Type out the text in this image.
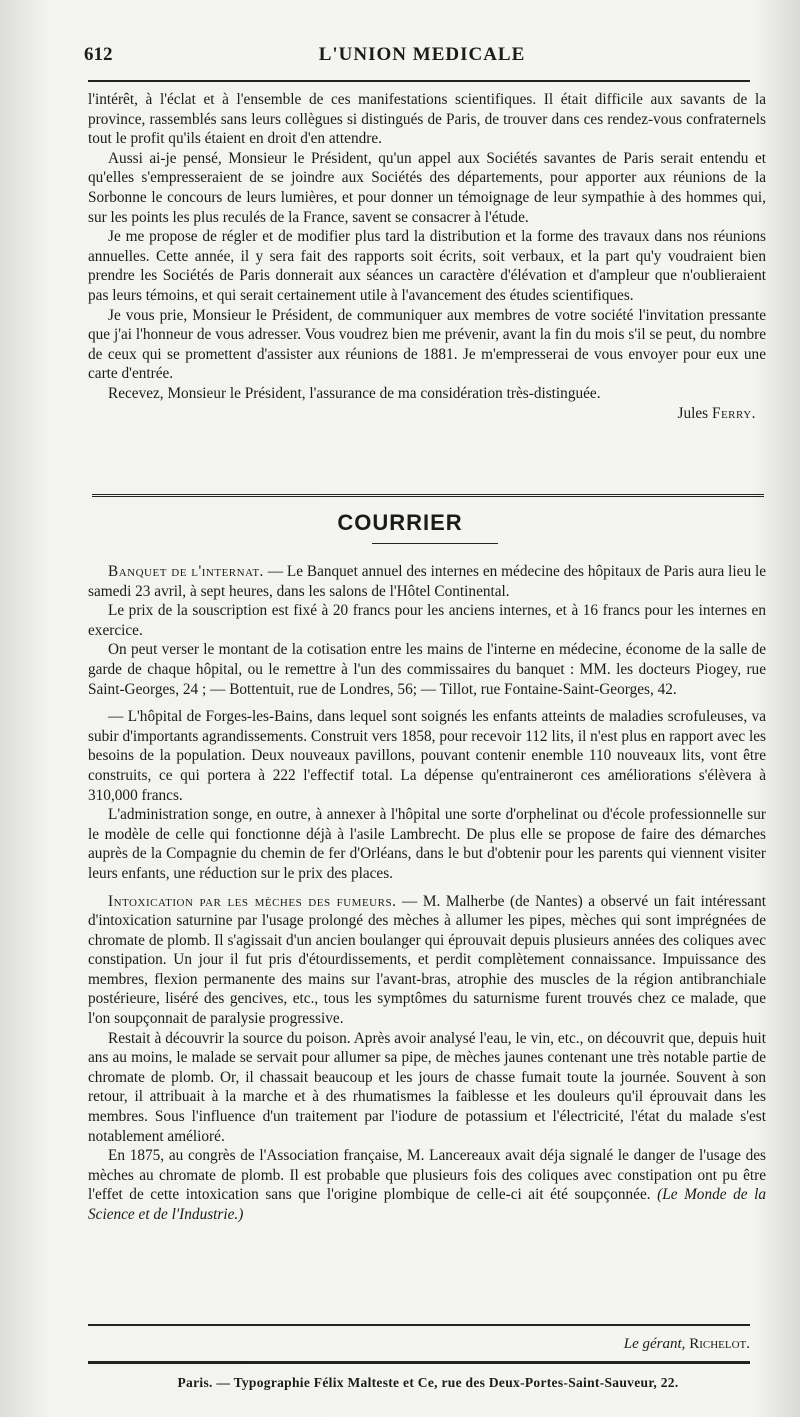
612	L'UNION MEDICALE

l'intérêt, à l'éclat et à l'ensemble de ces manifestations scientifiques. Il était difficile aux savants de la province, rassemblés sans leurs collègues si distingués de Paris, de trouver dans ces rendez-vous confraternels tout le profit qu'ils étaient en droit d'en attendre.

Aussi ai-je pensé, Monsieur le Président, qu'un appel aux Sociétés savantes de Paris serait entendu et qu'elles s'empresseraient de se joindre aux Sociétés des départements, pour apporter aux réunions de la Sorbonne le concours de leurs lumières, et pour donner un témoignage de leur sympathie à des hommes qui, sur les points les plus reculés de la France, savent se consacrer à l'étude.

Je me propose de régler et de modifier plus tard la distribution et la forme des travaux dans nos réunions annuelles. Cette année, il y sera fait des rapports soit écrits, soit verbaux, et la part qu'y voudraient bien prendre les Sociétés de Paris donnerait aux séances un caractère d'élévation et d'ampleur que n'oublieraient pas leurs témoins, et qui serait certainement utile à l'avancement des études scientifiques.

Je vous prie, Monsieur le Président, de communiquer aux membres de votre société l'invitation pressante que j'ai l'honneur de vous adresser. Vous voudrez bien me prévenir, avant la fin du mois s'il se peut, du nombre de ceux qui se promettent d'assister aux réunions de 1881. Je m'empresserai de vous envoyer pour eux une carte d'entrée.

Recevez, Monsieur le Président, l'assurance de ma considération très-distinguée.

Jules Ferry.
COURRIER

Banquet de l'internat. — Le Banquet annuel des internes en médecine des hôpitaux de Paris aura lieu le samedi 23 avril, à sept heures, dans les salons de l'Hôtel Continental.

Le prix de la souscription est fixé à 20 francs pour les anciens internes, et à 16 francs pour les internes en exercice.

On peut verser le montant de la cotisation entre les mains de l'interne en médecine, économe de la salle de garde de chaque hôpital, ou le remettre à l'un des commissaires du banquet : MM. les docteurs Piogey, rue Saint-Georges, 24 ; — Bottentuit, rue de Londres, 56; — Tillot, rue Fontaine-Saint-Georges, 42.

— L'hôpital de Forges-les-Bains, dans lequel sont soignés les enfants atteints de maladies scrofuleuses, va subir d'importants agrandissements. Construit vers 1858, pour recevoir 112 lits, il n'est plus en rapport avec les besoins de la population. Deux nouveaux pavillons, pouvant contenir enemble 110 nouveaux lits, vont être construits, ce qui portera à 222 l'effectif total. La dépense qu'entraineront ces améliorations s'élèvera à 310,000 francs.

L'administration songe, en outre, à annexer à l'hôpital une sorte d'orphelinat ou d'école professionnelle sur le modèle de celle qui fonctionne déjà à l'asile Lambrecht. De plus elle se propose de faire des démarches auprès de la Compagnie du chemin de fer d'Orléans, dans le but d'obtenir pour les parents qui viennent visiter leurs enfants, une réduction sur le prix des places.

Intoxication par les mèches des fumeurs. — M. Malherbe (de Nantes) a observé un fait intéressant d'intoxication saturnine par l'usage prolongé des mèches à allumer les pipes, mèches qui sont imprégnées de chromate de plomb. Il s'agissait d'un ancien boulanger qui éprouvait depuis plusieurs années des coliques avec constipation. Un jour il fut pris d'étourdissements, et perdit complètement connaissance. Impuissance des membres, flexion permanente des mains sur l'avant-bras, atrophie des muscles de la région antibranchiale postérieure, liséré des gencives, etc., tous les symptômes du saturnisme furent trouvés chez ce malade, que l'on soupçonnait de paralysie progressive.

Restait à découvrir la source du poison. Après avoir analysé l'eau, le vin, etc., on découvrit que, depuis huit ans au moins, le malade se servait pour allumer sa pipe, de mèches jaunes contenant une très notable partie de chromate de plomb. Or, il chassait beaucoup et les jours de chasse fumait toute la journée. Souvent à son retour, il attribuait à la marche et à des rhumatismes la faiblesse et les douleurs qu'il éprouvait dans les membres. Sous l'influence d'un traitement par l'iodure de potassium et l'électricité, l'état du malade s'est notablement amélioré.

En 1875, au congrès de l'Association française, M. Lancereaux avait déja signalé le danger de l'usage des mèches au chromate de plomb. Il est probable que plusieurs fois des coliques avec constipation ont pu être l'effet de cette intoxication sans que l'origine plombique de celle-ci ait été soupçonnée. (Le Monde de la Science et de l'Industrie.)

Le gérant, Richelot.
Paris. — Typographie Félix Malteste et Ce, rue des Deux-Portes-Saint-Sauveur, 22.
